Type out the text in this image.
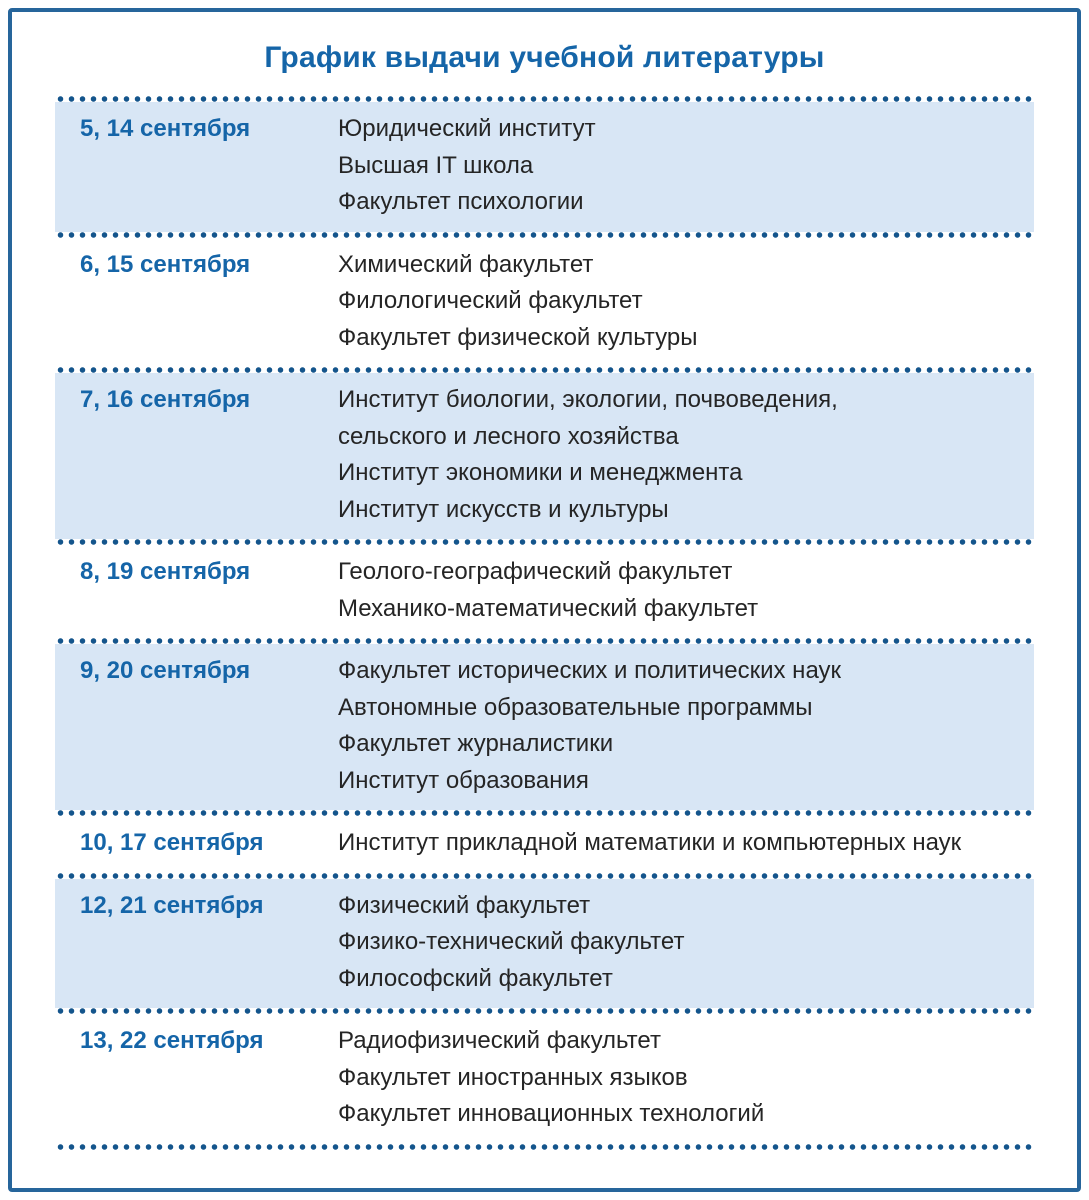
График выдачи учебной литературы
5, 14 сентября	Юридический институт
Высшая IT школа
Факультет психологии
6, 15 сентября	Химический факультет
Филологический факультет
Факультет физической культуры
7, 16 сентября	Институт биологии, экологии, почвоведения,
сельского и лесного хозяйства
Институт экономики и менеджмента
Институт искусств и культуры
8, 19 сентября	Геолого-географический факультет
Механико-математический факультет
9, 20 сентября	Факультет исторических и политических наук
Автономные образовательные программы
Факультет журналистики
Институт образования
10, 17 сентября	Институт прикладной математики и компьютерных наук
12, 21 сентября	Физический факультет
Физико-технический факультет
Философский факультет
13, 22 сентября	Радиофизический факультет
Факультет иностранных языков
Факультет инновационных технологий
